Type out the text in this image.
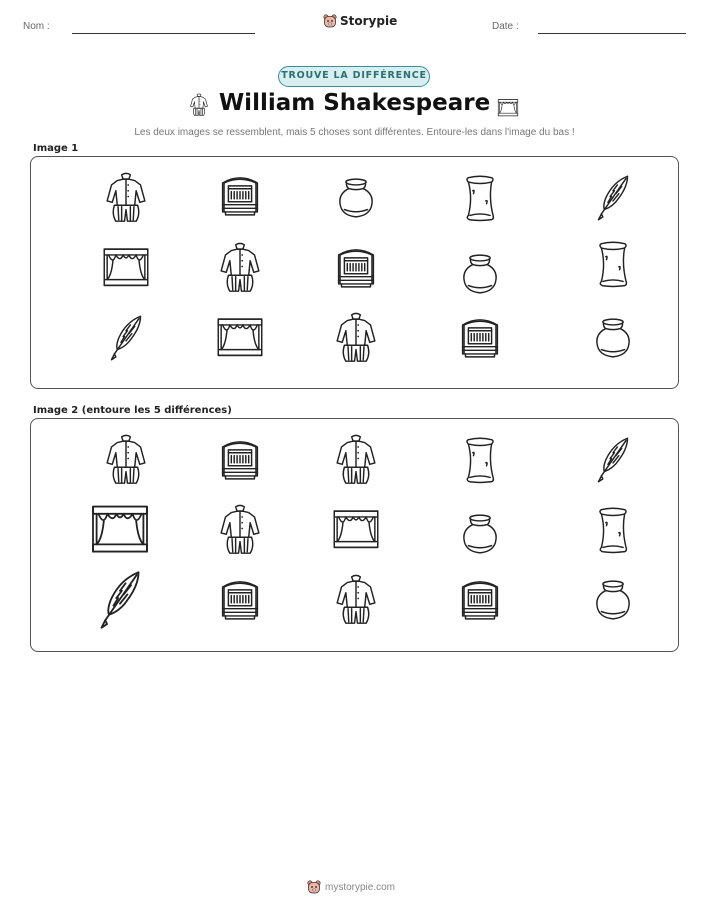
Nom :	Storypie	Date :
TROUVE LA DIFFÉRENCE
William Shakespeare
Les deux images se ressemblent, mais 5 choses sont différentes. Entoure-les dans l'image du bas !
Image 1
Image 2 (entoure les 5 différences)
mystorypie.com
